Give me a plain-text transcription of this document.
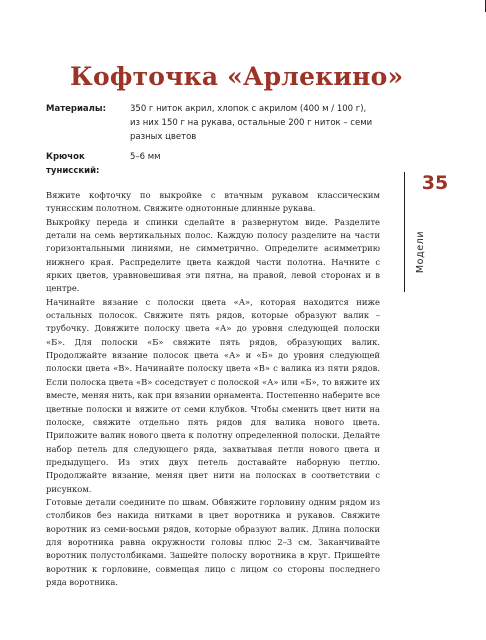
Кофточка «Арлекино»
Материалы:	350 г ниток акрил, хлопок с акрилом (400 м / 100 г), из них 150 г на рукава, остальные 200 г ниток – семи разных цветов
Крючок тунисский:
5–6 мм

Вяжите кофточку по выкройке с втачным рукавом классическим тунисским полотном. Свяжите однотонные длинные рукава.

Выкройку переда и спинки сделайте в развернутом виде. Разделите детали на семь вертикальных полос. Каждую полосу разделите на части горизонтальными линиями, не симметрично. Определите асимметрию нижнего края. Распределите цвета каждой части полотна. Начните с ярких цветов, уравновешивая эти пятна, на правой, левой сторонах и в центре.

Начинайте вязание с полоски цвета «А», которая находится ниже остальных полосок. Свяжите пять рядов, которые образуют валик – трубочку. Довяжите полоску цвета «А» до уровня следующей полоски «Б». Для полоски «Б» свяжите пять рядов, образующих валик. Продолжайте вязание полосок цвета «А» и «Б» до уровня следующей полоски цвета «В». Начинайте полоску цвета «В» с валика из пяти рядов. Если полоска цвета «В» соседствует с полоской «А» или «Б», то вяжите их вместе, меняя нить, как при вязании орнамента. Постепенно наберите все цветные полоски и вяжите от семи клубков. Чтобы сменить цвет нити на полоске, свяжите отдельно пять рядов для валика нового цвета. Приложите валик нового цвета к полотну определенной полоски. Делайте набор петель для следующего ряда, захватывая петли нового цвета и предыдущего. Из этих двух петель доставайте наборную петлю. Продолжайте вязание, меняя цвет нити на полосках в соответствии с рисунком.

Готовые детали соедините по швам. Обвяжите горловину одним рядом из столбиков без накида нитками в цвет воротника и рукавов. Свяжите воротник из семи-восьми рядов, которые образуют валик. Длина полоски для воротника равна окружности головы плюс 2–3 см. Заканчивайте воротник полустолбиками. Зашейте полоску воротника в круг. Пришейте воротник к горловине, совмещая лицо с лицом со стороны последнего ряда воротника.

35
Модели
